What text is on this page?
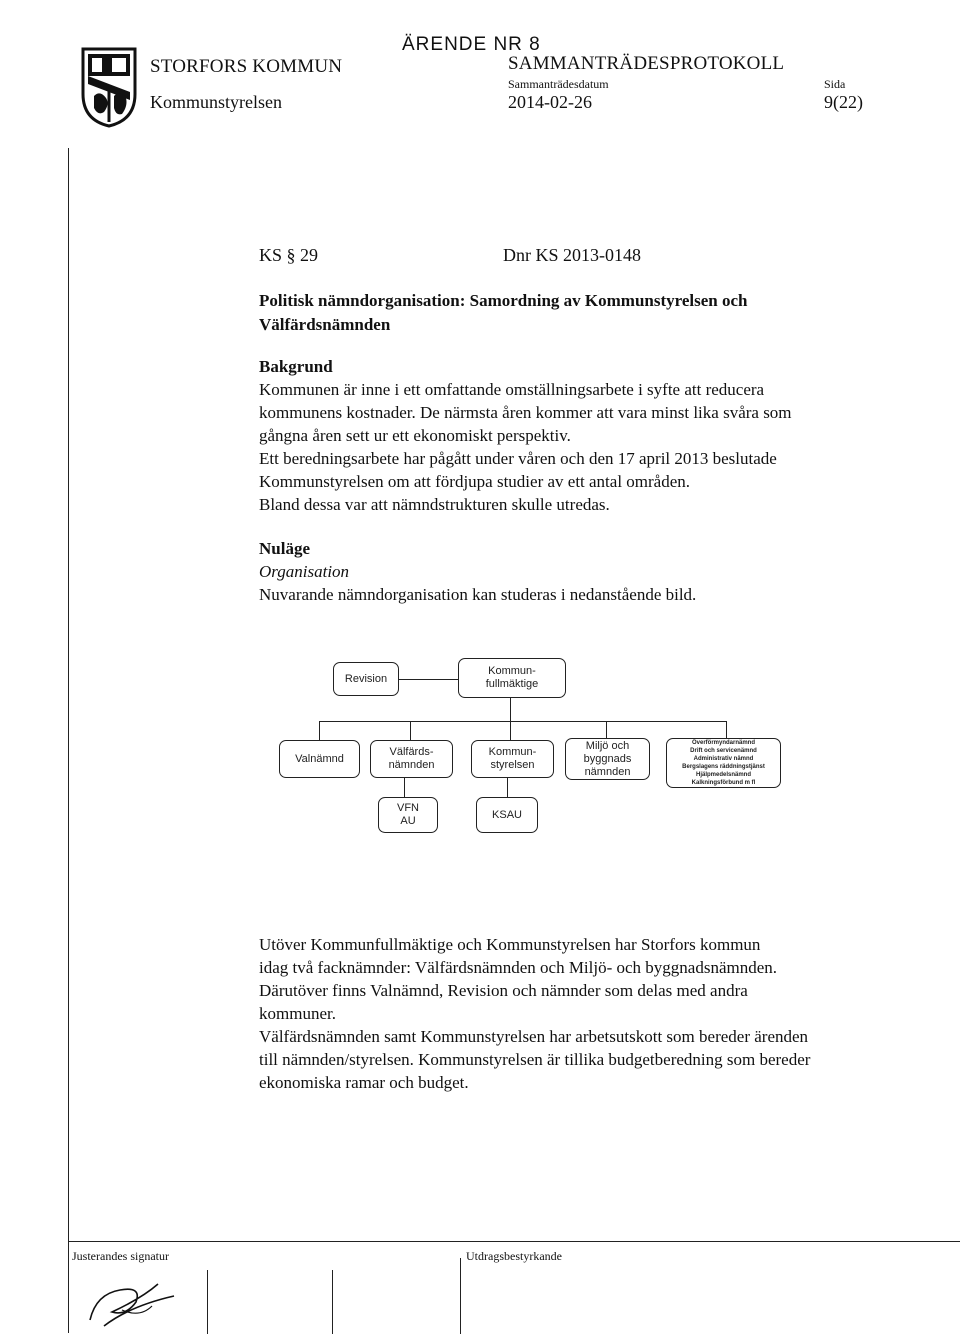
ÄRENDE NR 8
STORFORS KOMMUN	SAMMANTRÄDESPROTOKOLL
Sammanträdesdatum	Sida
Kommunstyrelsen	2014-02-26	9(22)
KS § 29	Dnr KS 2013-0148
Politisk nämndorganisation: Samordning av Kommunstyrelsen och
Välfärdsnämnden
Bakgrund
Kommunen är inne i ett omfattande omställningsarbete i syfte att reducera
kommunens kostnader. De närmsta åren kommer att vara minst lika svåra som
gångna åren sett ur ett ekonomiskt perspektiv.
Ett beredningsarbete har pågått under våren och den 17 april 2013 beslutade
Kommunstyrelsen om att fördjupa studier av ett antal områden.
Bland dessa var att nämndstrukturen skulle utredas.
Nuläge
Organisation
Nuvarande nämndorganisation kan studeras i nedanstående bild.
Revision
Kommun-
fullmäktige
Valnämnd
Välfärds-
nämnden
Kommun-
styrelsen
Miljö och
byggnads
nämnden
Överförmyndarnämnd
Drift och servicenämnd
Administrativ nämnd
Bergslagens räddningstjänst
Hjälpmedelsnämnd
Kalkningsförbund m fl
VFN
AU
KSAU
Utöver Kommunfullmäktige och Kommunstyrelsen har Storfors kommun
idag två facknämnder: Välfärdsnämnden och Miljö- och byggnadsnämnden.
Därutöver finns Valnämnd, Revision och nämnder som delas med andra
kommuner.
Välfärdsnämnden samt Kommunstyrelsen har arbetsutskott som bereder ärenden
till nämnden/styrelsen. Kommunstyrelsen är tillika budgetberedning som bereder
ekonomiska ramar och budget.
Justerandes signatur	Utdragsbestyrkande
